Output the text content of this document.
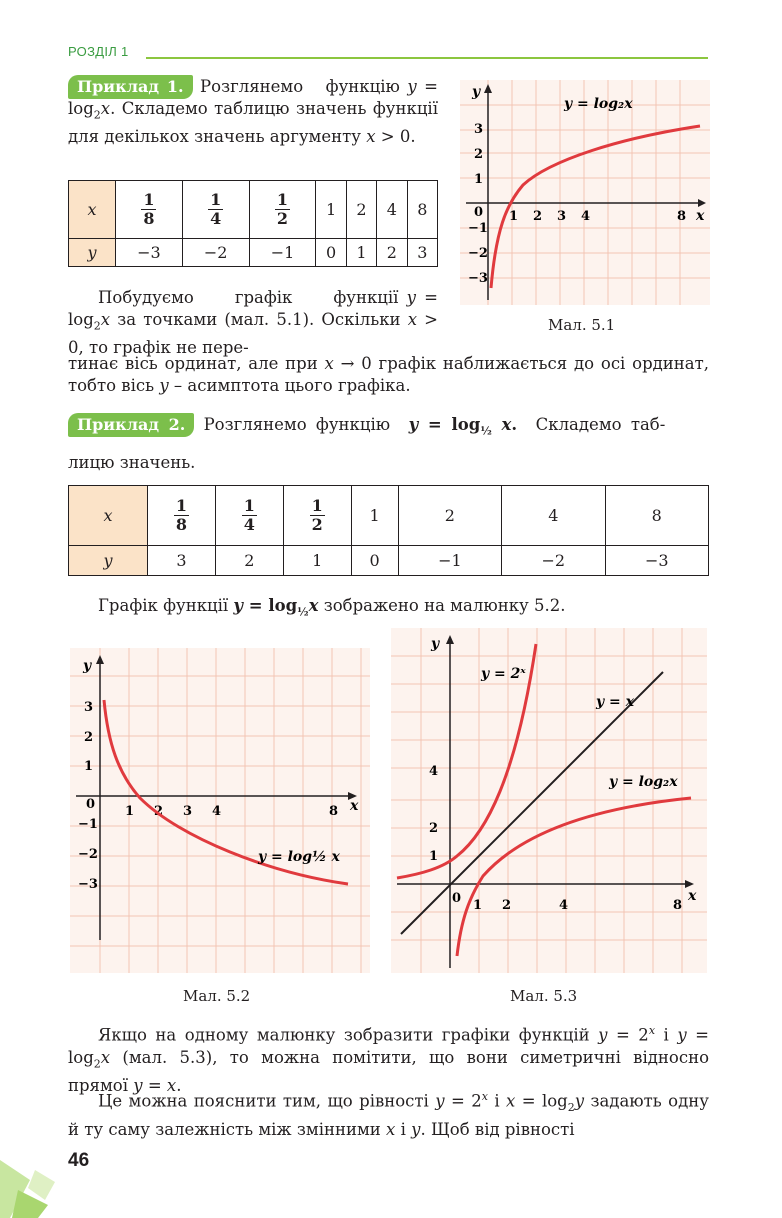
РОЗДІЛ 1

Приклад 1. Розглянемо   функцію $y = \log_2x$. Складемо таблицю значень функції для декількох значень аргументу x > 0.

x	$\frac{1}{8}$	$\frac{1}{4}$	$\frac{1}{2}$	1	2	4	8
y	−3	−2	−1	0	1	2	3
y
x
3
2
1
0
−1
−2
−3
1 2 3 4	8
y = log₂x
Мал. 5.1

Побудуємо     графік     функції $y = \log_2x$ за точками (мал. 5.1). Оскільки x > 0, то графік не пере-

тинає вісь ординат, але при x → 0 графік наближається до осі ординат, тобто вісь y – асимптота цього графіка.

Приклад 2. Розглянемо функцію $y = \log_{\frac{1}{2}} x$. Складемо таб-

лицю значень.

x	$\frac{1}{8}$	$\frac{1}{4}$	$\frac{1}{2}$	1	2	4	8
y	3	2	1	0	−1	−2	−3

Графік функції $y = \log_{\frac{1}{2}}x$ зображено на малюнку 5.2.

y
x
3
2
1
0
−1
−2
−3
1 2 3 4	8
y = log½ x
Мал. 5.2
y
x
4
2
1
0 1 2	4	8
y = 2ˣ
y = x
y = log₂x
Мал. 5.3

Якщо на одному малюнку зобразити графіки функцій $y = 2^x$ і $y = \log_2x$ (мал. 5.3), то можна помітити, що вони симетричні відносно прямої y = x.

Це можна пояснити тим, що рівності $y = 2^x$ і $x = \log_2y$ задають одну й ту саму залежність між змінними x і y. Щоб від рівності

46
